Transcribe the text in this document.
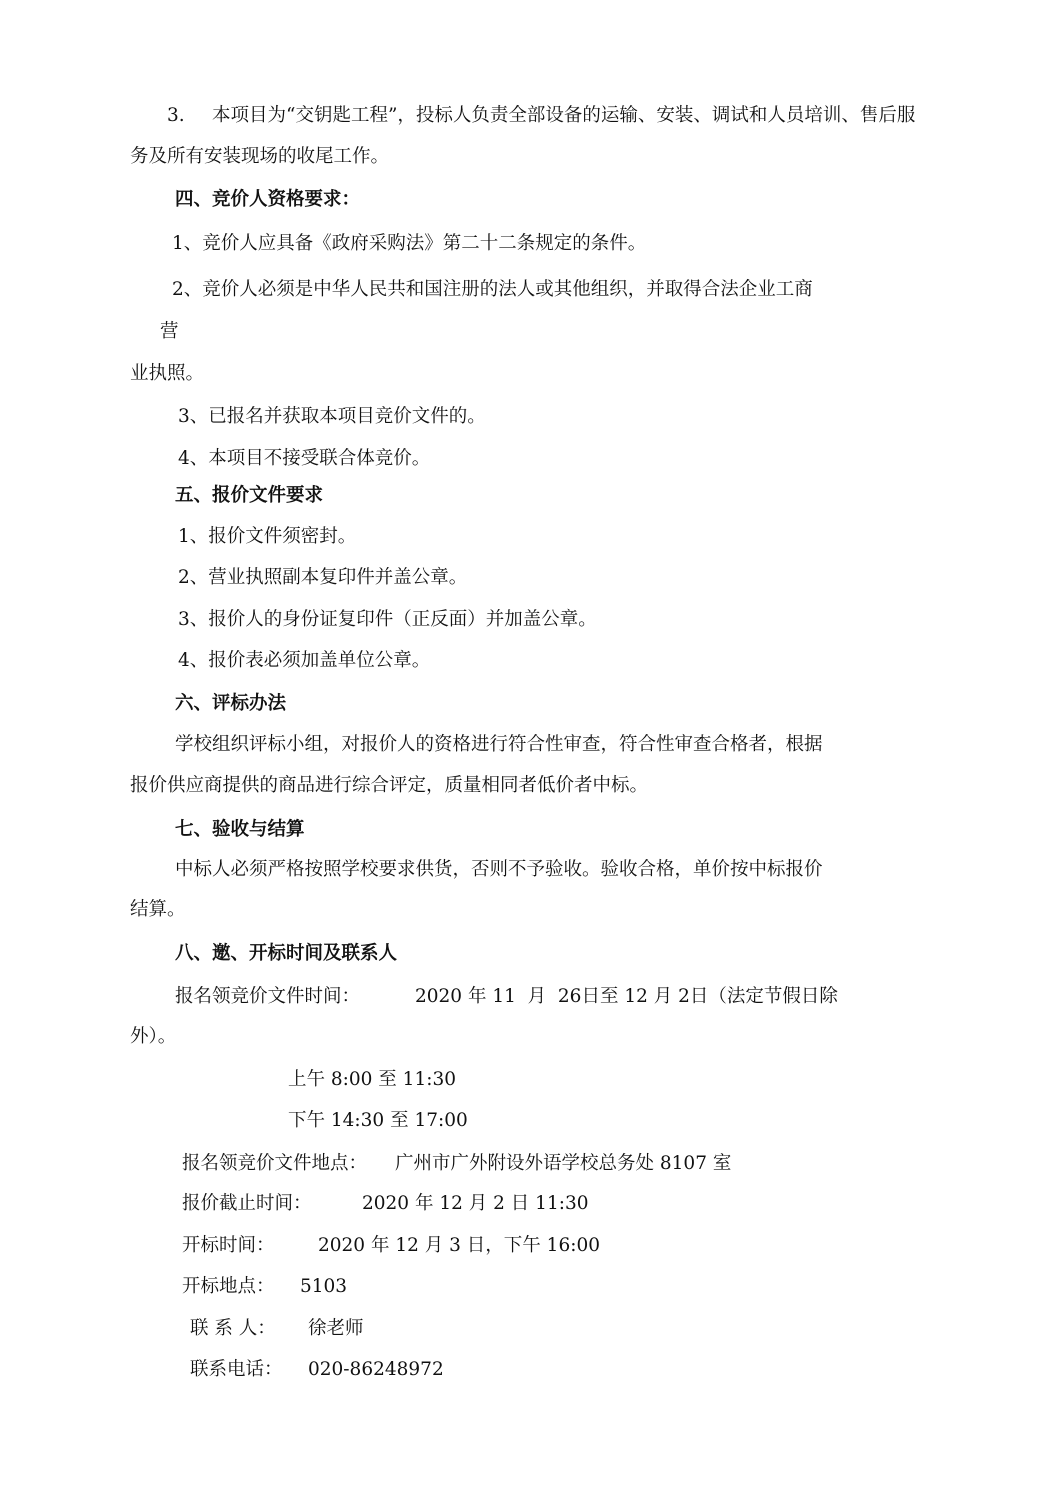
3. 本项目为“交钥匙工程”，投标人负责全部设备的运输、安装、调试和人员培训、售后服
务及所有安装现场的收尾工作。
四、竞价人资格要求：
1、竞价人应具备《政府采购法》第二十二条规定的条件。
2、竞价人必须是中华人民共和国注册的法人或其他组织，并取得合法企业工商
营
业执照。
3、已报名并获取本项目竞价文件的。
4、本项目不接受联合体竞价。
五、报价文件要求
1、报价文件须密封。
2、营业执照副本复印件并盖公章。
3、报价人的身份证复印件（正反面）并加盖公章。
4、报价表必须加盖单位公章。
六、评标办法
学校组织评标小组，对报价人的资格进行符合性审查，符合性审查合格者，根据
报价供应商提供的商品进行综合评定，质量相同者低价者中标。
七、验收与结算
中标人必须严格按照学校要求供货，否则不予验收。验收合格，单价按中标报价
结算。
八、邀、开标时间及联系人
报名领竞价文件时间：	2020 年 11  月  26日至 12 月 2日（法定节假日除
外）。
上午 8:00 至 11:30
下午 14:30 至 17:00
报名领竞价文件地点： 广州市广外附设外语学校总务处 8107 室
报价截止时间：	2020 年 12 月 2 日 11:30
开标时间： 2020 年 12 月 3 日，下午 16:00
开标地点： 5103
联 系 人： 徐老师
联系电话： 020-86248972
